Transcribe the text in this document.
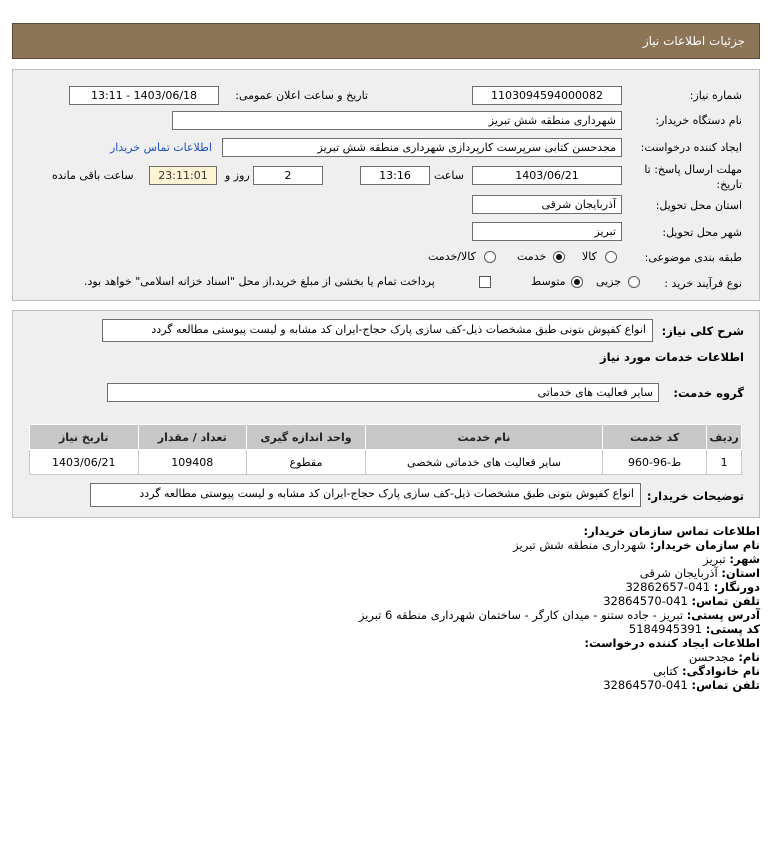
جزئیات اطلاعات نیاز
شماره نیاز:
1103094594000082
تاریخ و ساعت اعلان عمومی:
1403/06/18 - 13:11
نام دستگاه خریدار:
شهرداری منطقه شش تبریز
ایجاد کننده درخواست:
مجدحسن کتابی سرپرست کارپردازی شهرداری منطقه شش تبریز
اطلاعات تماس خریدار
مهلت ارسال پاسخ: تا
تاریخ:
1403/06/21
ساعت
13:16
2
روز و
23:11:01
ساعت باقی مانده
استان محل تحویل:
آذربایجان شرقی
شهر محل تحویل:
تبریز
طبقه بندی موضوعی:
کالا
خدمت
کالا/خدمت
نوع فرآیند خرید :
جزیی
متوسط
پرداخت تمام یا بخشی از مبلغ خرید،از محل "اسناد خزانه اسلامی" خواهد بود.
شرح کلی نیاز:
انواع کفپوش بتونی طبق مشخصات ذیل-کف سازی پارک حجاج-ایران کد مشابه و لیست پیوستی مطالعه گردد
اطلاعات خدمات مورد نیاز
گروه خدمت:
سایر فعالیت های خدماتی
ردیف	کد خدمت	نام خدمت	واحد اندازه گیری	تعداد / مقدار	تاریخ نیاز
1	ط-96-960	سایر فعالیت های خدماتی شخصی	مقطوع	109408	1403/06/21
توضیحات خریدار:
انواع کفپوش بتونی طبق مشخصات ذیل-کف سازی پارک حجاج-ایران کد مشابه و لیست پیوستی مطالعه گردد
اطلاعات تماس سازمان خریدار:
نام سازمان خریدار: شهرداری منطقه شش تبریز
شهر: تبریز
استان: آذربایجان شرقی
دورنگار: 041-32862657
تلفن تماس: 041-32864570
آدرس پستی: تبریز - جاده ستنو - میدان کارگر - ساختمان شهرداری منطقه 6 تبریز
کد پستی: 5184945391
اطلاعات ایجاد کننده درخواست:
نام: مجدحسن
نام خانوادگی: کتابی
تلفن تماس: 041-32864570
